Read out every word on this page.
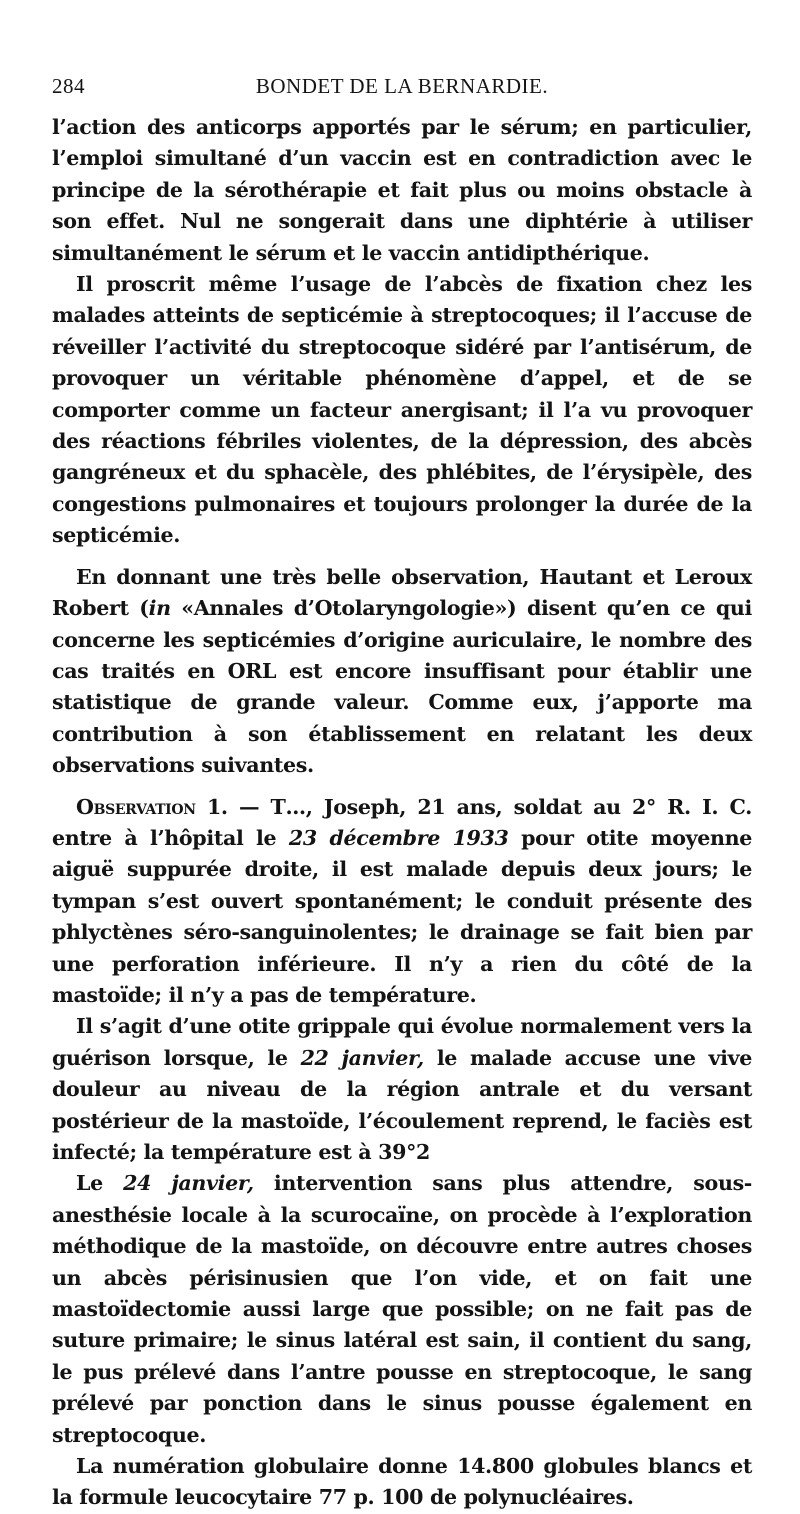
284	BONDET DE LA BERNARDIE.

l’action des anticorps apportés par le sérum; en particulier, l’emploi simultané d’un vaccin est en contradiction avec le principe de la sérothérapie et fait plus ou moins obstacle à son effet. Nul ne songerait dans une diphtérie à utiliser simultanément le sérum et le vaccin antidipthérique.

Il proscrit même l’usage de l’abcès de fixation chez les malades atteints de septicémie à streptocoques; il l’accuse de réveiller l’activité du streptocoque sidéré par l’antisérum, de provoquer un véritable phénomène d’appel, et de se comporter comme un facteur anergisant; il l’a vu provoquer des réactions fébriles violentes, de la dépression, des abcès gangréneux et du sphacèle, des phlébites, de l’érysipèle, des congestions pulmonaires et toujours prolonger la durée de la septicémie.

En donnant une très belle observation, Hautant et Leroux Robert (in «Annales d’Otolaryngologie») disent qu’en ce qui concerne les septicémies d’origine auriculaire, le nombre des cas traités en ORL est encore insuffisant pour établir une statistique de grande valeur. Comme eux, j’apporte ma contribution à son établissement en relatant les deux observations suivantes.

Observation 1. — T…, Joseph, 21 ans, soldat au 2° R. I. C. entre à l’hôpital le 23 décembre 1933 pour otite moyenne aiguë suppurée droite, il est malade depuis deux jours; le tympan s’est ouvert spontanément; le conduit présente des phlyctènes séro-sanguinolentes; le drainage se fait bien par une perforation inférieure. Il n’y a rien du côté de la mastoïde; il n’y a pas de température.

Il s’agit d’une otite grippale qui évolue normalement vers la guérison lorsque, le 22 janvier, le malade accuse une vive douleur au niveau de la région antrale et du versant postérieur de la mastoïde, l’écoulement reprend, le faciès est infecté; la température est à 39°2

Le 24 janvier, intervention sans plus attendre, sous-anesthésie locale à la scurocaïne, on procède à l’exploration méthodique de la mastoïde, on découvre entre autres choses un abcès périsinusien que l’on vide, et on fait une mastoïdectomie aussi large que possible; on ne fait pas de suture primaire; le sinus latéral est sain, il contient du sang, le pus prélevé dans l’antre pousse en streptocoque, le sang prélevé par ponction dans le sinus pousse également en streptocoque.

La numération globulaire donne 14.800 globules blancs et la formule leucocytaire 77 p. 100 de polynucléaires.
